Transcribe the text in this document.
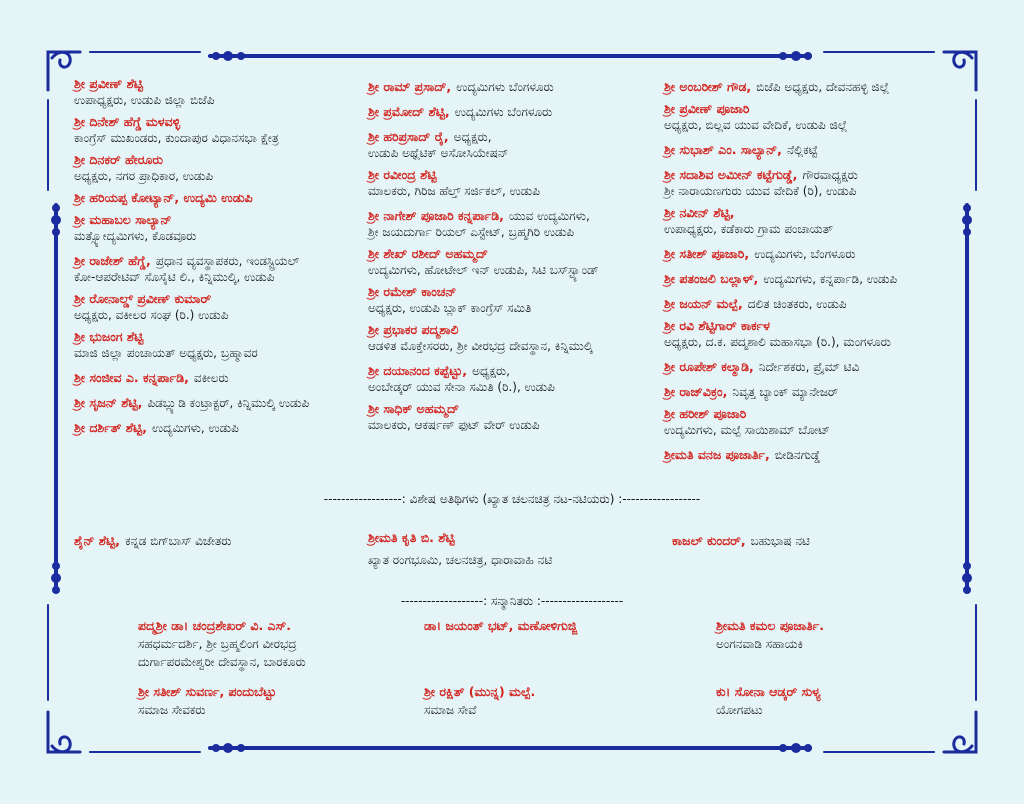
ಶ್ರೀ ಪ್ರವೀಣ್ ಶೆಟ್ಟಿ
ಉಪಾಧ್ಯಕ್ಷರು, ಉಡುಪಿ ಜಿಲ್ಲಾ ಬಿಜೆಪಿ
ಶ್ರೀ ದಿನೇಶ್ ಹೆಗ್ಡೆ ಮಳವಳ್ಳಿ
ಕಾಂಗ್ರೆಸ್ ಮುಖಂಡರು, ಕುಂದಾಪುರ ವಿಧಾನಸಭಾ ಕ್ಷೇತ್ರ
ಶ್ರೀ ದಿನಕರ್ ಹೇರೂರು
ಅಧ್ಯಕ್ಷರು, ನಗರ ಪ್ರಾಧಿಕಾರ, ಉಡುಪಿ
ಶ್ರೀ ಹರಿಯಪ್ಪ ಕೋಟ್ಯಾನ್, ಉದ್ಯಮಿ ಉಡುಪಿ
ಶ್ರೀ ಮಹಾಬಲ ಸಾಲ್ಯಾನ್
ಮತ್ಸ್ಯೋದ್ಯಮಿಗಳು, ಕೊಡವೂರು
ಶ್ರೀ ರಾಜೇಶ್ ಹೆಗ್ಡೆ, ಪ್ರಧಾನ ವ್ಯವಸ್ಥಾಪಕರು, ಇಂಡಸ್ಟ್ರಿಯಲ್
ಕೋ-ಆಪರೇಟಿವ್ ಸೊಸೈಟಿ ಲಿ., ಕಿನ್ನಿಮುಲ್ಕಿ, ಉಡುಪಿ
ಶ್ರೀ ರೋನಾಲ್ಡ್ ಪ್ರವೀಣ್ ಕುಮಾರ್
ಅಧ್ಯಕ್ಷರು, ವಕೀಲರ ಸಂಘ (ರಿ.) ಉಡುಪಿ
ಶ್ರೀ ಭುಜಂಗ ಶೆಟ್ಟಿ
ಮಾಜಿ ಜಿಲ್ಲಾ ಪಂಚಾಯತ್ ಅಧ್ಯಕ್ಷರು, ಬ್ರಹ್ಮಾವರ
ಶ್ರೀ ಸಂಜೀವ ಎ. ಕನ್ನರ್ಪಾಡಿ, ವಕೀಲರು
ಶ್ರೀ ಸೃಜನ್ ಶೆಟ್ಟಿ, ಪಿಡಬ್ಲ್ಯುಡಿ ಕಂಟ್ರಾಕ್ಟರ್, ಕಿನ್ನಿಮುಲ್ಕಿ ಉಡುಪಿ
ಶ್ರೀ ದರ್ಶಿತ್ ಶೆಟ್ಟಿ, ಉದ್ಯಮಿಗಳು, ಉಡುಪಿ
ಶ್ರೀ ರಾಮ್ ಪ್ರಸಾದ್, ಉದ್ಯಮಿಗಳು ಬೆಂಗಳೂರು
ಶ್ರೀ ಪ್ರಮೋದ್ ಶೆಟ್ಟಿ, ಉದ್ಯಮಿಗಳು ಬೆಂಗಳೂರು
ಶ್ರೀ ಹರಿಪ್ರಸಾದ್ ರೈ, ಅಧ್ಯಕ್ಷರು,
ಉಡುಪಿ ಅಥ್ಲೆಟಿಕ್ ಅಸೋಸಿಯೇಷನ್
ಶ್ರೀ ರವೀಂದ್ರ ಶೆಟ್ಟಿ
ಮಾಲಕರು, ಗಿರಿಜ ಹೆಲ್ತ್ ಸರ್ಜಿಕಲ್, ಉಡುಪಿ
ಶ್ರೀ ನಾಗೇಶ್ ಪೂಜಾರಿ ಕನ್ನರ್ಪಾಡಿ, ಯುವ ಉದ್ಯಮಿಗಳು,
ಶ್ರೀ ಜಯದುರ್ಗಾ ರಿಯಲ್ ಎಸ್ಟೇಟ್, ಬ್ರಹ್ಮಗಿರಿ ಉಡುಪಿ
ಶ್ರೀ ಶೇಖ್ ರಶೀದ್ ಅಹಮ್ಮದ್
ಉದ್ಯಮಿಗಳು, ಹೋಟೇಲ್ ಇನ್ ಉಡುಪಿ, ಸಿಟಿ ಬಸ್‌ಸ್ಟ್ಯಾಂಡ್
ಶ್ರೀ ರಮೇಶ್ ಕಾಂಚನ್
ಅಧ್ಯಕ್ಷರು, ಉಡುಪಿ ಬ್ಲಾಕ್ ಕಾಂಗ್ರೆಸ್ ಸಮಿತಿ
ಶ್ರೀ ಪ್ರಭಾಕರ ಪದ್ಮಶಾಲಿ
ಆಡಳಿತ ಮೊಕ್ತೇಸರರು, ಶ್ರೀ ವೀರಭದ್ರ ದೇವಸ್ಥಾನ, ಕಿನ್ನಿಮುಲ್ಕಿ
ಶ್ರೀ ದಯಾನಂದ ಕಪ್ಪೆಟ್ಟು, ಅಧ್ಯಕ್ಷರು,
ಅಂಬೇಡ್ಕರ್ ಯುವ ಸೇನಾ ಸಮಿತಿ (ರಿ.), ಉಡುಪಿ
ಶ್ರೀ ಸಾಧಿಕ್ ಅಹಮ್ಮದ್
ಮಾಲಕರು, ಆಕರ್ಷಣ್ ಫುಟ್ ವೇರ್ ಉಡುಪಿ
ಶ್ರೀ ಅಂಬರೀಶ್ ಗೌಡ, ಬಿಜೆಪಿ ಅಧ್ಯಕ್ಷರು, ದೇವನಹಳ್ಳಿ ಜಿಲ್ಲೆ
ಶ್ರೀ ಪ್ರವೀಣ್ ಪೂಜಾರಿ
ಅಧ್ಯಕ್ಷರು, ಬಿಲ್ಲವ ಯುವ ವೇದಿಕೆ, ಉಡುಪಿ ಜಿಲ್ಲೆ
ಶ್ರೀ ಸುಭಾಶ್ ಎಂ. ಸಾಲ್ಯಾನ್, ನೆಲ್ಲಿಕಟ್ಟೆ
ಶ್ರೀ ಸದಾಶಿವ ಅಮೀನ್ ಕಟ್ಟೆಗುಡ್ಡೆ, ಗೌರವಾಧ್ಯಕ್ಷರು
ಶ್ರೀ ನಾರಾಯಣಗುರು ಯುವ ವೇದಿಕೆ (ರಿ), ಉಡುಪಿ
ಶ್ರೀ ನವೀನ್ ಶೆಟ್ಟಿ,
ಉಪಾಧ್ಯಕ್ಷರು, ಕಡೆಕಾರು ಗ್ರಾಮ ಪಂಚಾಯತ್
ಶ್ರೀ ಸತೀಶ್ ಪೂಜಾರಿ, ಉದ್ಯಮಿಗಳು, ಬೆಂಗಳೂರು
ಶ್ರೀ ಪತಂಜಲಿ ಬಲ್ಲಾಳ್, ಉದ್ಯಮಿಗಳು, ಕನ್ನರ್ಪಾಡಿ, ಉಡುಪಿ
ಶ್ರೀ ಜಯನ್ ಮಲ್ಪೆ, ದಲಿತ ಚಿಂತಕರು, ಉಡುಪಿ
ಶ್ರೀ ರವಿ ಶೆಟ್ಟಿಗಾರ್ ಕಾರ್ಕಳ
ಅಧ್ಯಕ್ಷರು, ದ.ಕ. ಪದ್ಮಶಾಲಿ ಮಹಾಸಭಾ (ರಿ.), ಮಂಗಳೂರು
ಶ್ರೀ ರೂಪೇಶ್ ಕಲ್ಮಾಡಿ, ನಿರ್ದೇಶಕರು, ಪ್ರೈಮ್ ಟಿವಿ
ಶ್ರೀ ರಾಜ್‌ವಿಕ್ರಂ, ನಿವೃತ್ತ ಬ್ಯಾಂಕ್ ಮ್ಯಾನೇಜರ್
ಶ್ರೀ ಹರೀಶ್ ಪೂಜಾರಿ
ಉದ್ಯಮಿಗಳು, ಮಲ್ಪೆ ಸಾಯಿಶಾಮ್ ಬೋಟ್
ಶ್ರೀಮತಿ ವನಜ ಪೂಜಾರ್ತಿ, ಬೀಡಿನಗುಡ್ಡೆ
------------------: ವಿಶೇಷ ಅತಿಥಿಗಳು (ಖ್ಯಾತ ಚಲನಚಿತ್ರ ನಟ-ನಟಿಯರು) :------------------
ಶೈನ್ ಶೆಟ್ಟಿ, ಕನ್ನಡ ಬಿಗ್‌ಬಾಸ್ ವಿಜೇತರು	ಶ್ರೀಮತಿ ಕೃತಿ ಬಿ. ಶೆಟ್ಟಿ
ಖ್ಯಾತ ರಂಗಭೂಮಿ, ಚಲನಚಿತ್ರ, ಧಾರಾವಾಹಿ ನಟಿ
ಕಾಜಲ್ ಕುಂದರ್, ಬಹುಭಾಷ ನಟಿ
-------------------: ಸನ್ಮಾನಿತರು :-------------------
ಪದ್ಮಶ್ರೀ ಡಾ। ಚಂದ್ರಶೇಖರ್ ವಿ. ಎಸ್.
ಸಹಧರ್ಮದರ್ಶಿ, ಶ್ರೀ ಬ್ರಹ್ಮಲಿಂಗ ವೀರಭದ್ರ
ದುರ್ಗಾಪರಮೇಶ್ವರೀ ದೇವಸ್ಥಾನ, ಬಾರಕೂರು
ಡಾ। ಜಯಂತ್ ಭಟ್, ಮಣೋಳಿಗುಜ್ಜಿ	ಶ್ರೀಮತಿ ಕಮಲ ಪೂಜಾರ್ತಿ.
ಅಂಗನವಾಡಿ ಸಹಾಯಕಿ
ಶ್ರೀ ಸತೀಶ್ ಸುವರ್ಣ, ಪಂದುಬೆಟ್ಟು
ಸಮಾಜ ಸೇವಕರು
ಶ್ರೀ ರಕ್ಷಿತ್ (ಮುನ್ನ) ಮಲ್ಪೆ.
ಸಮಾಜ ಸೇವೆ
ಕು। ಸೋನಾ ಆಡ್ಕರ್ ಸುಳ್ಯ
ಯೋಗಪಟು
